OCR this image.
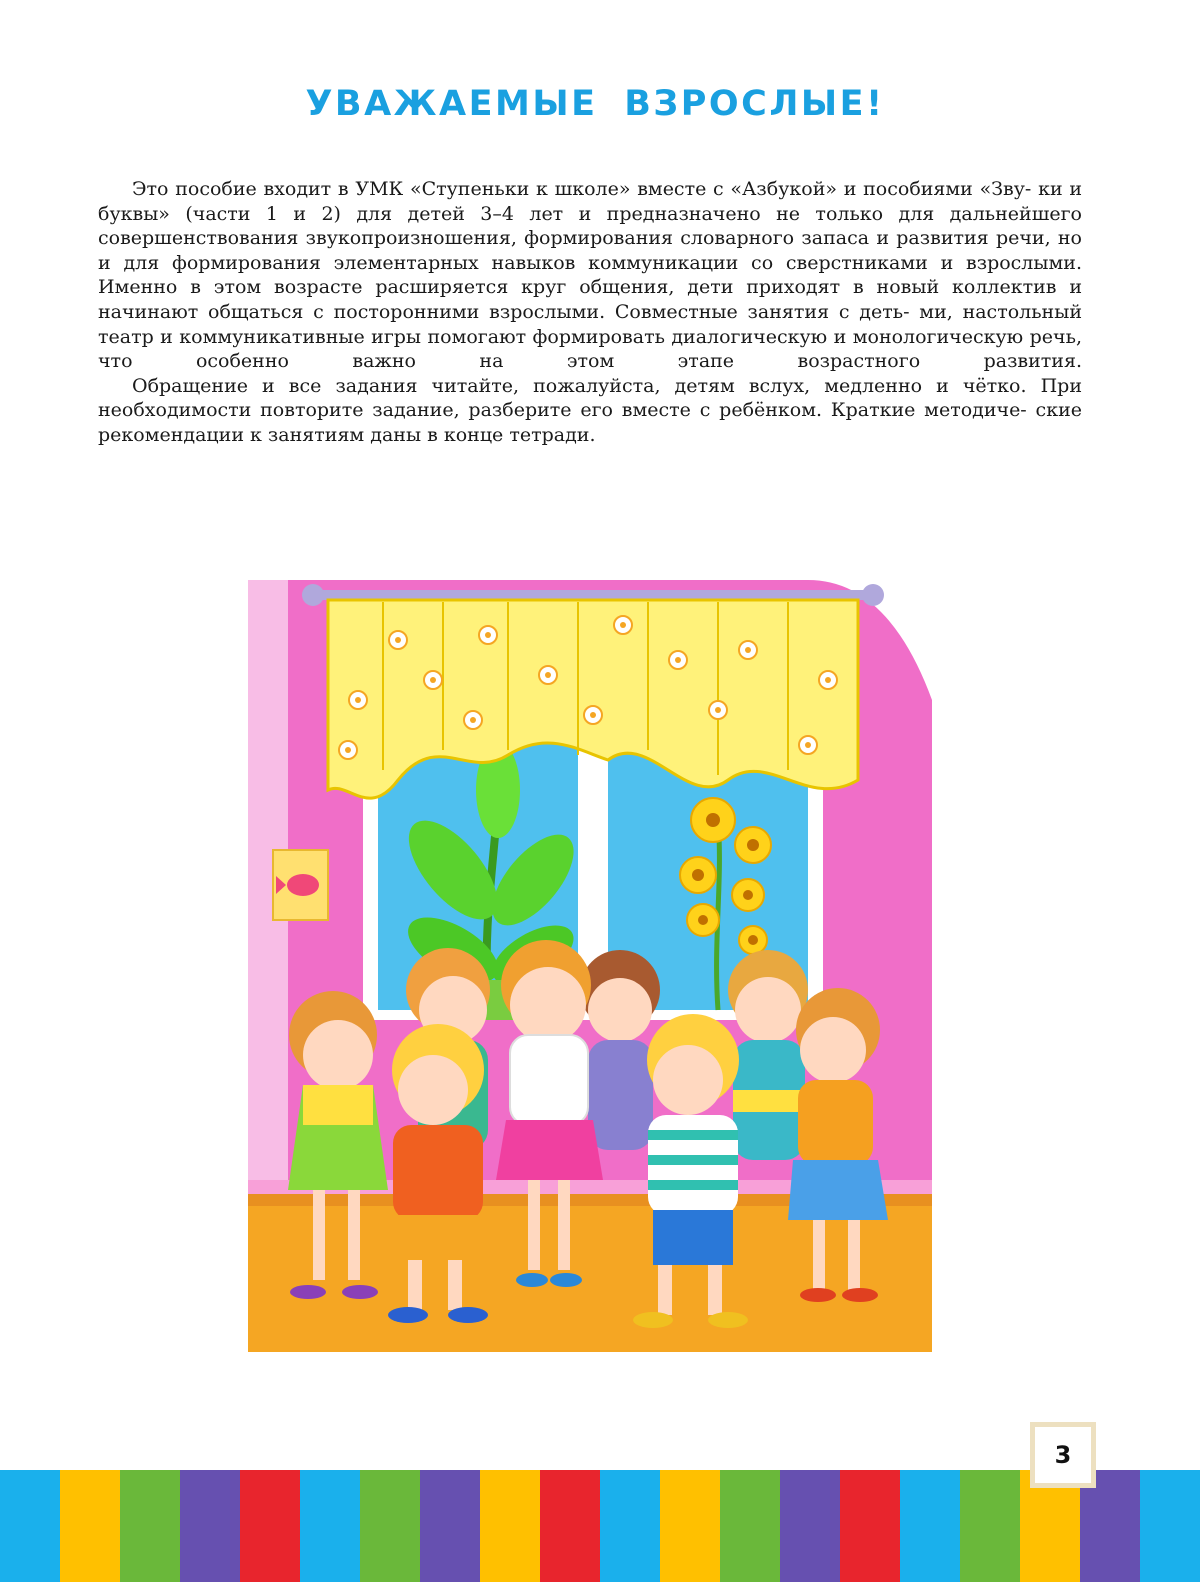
УВАЖАЕМЫЕ ВЗРОСЛЫЕ!

Это пособие входит в УМК «Ступеньки к школе» вместе с «Азбукой» и пособиями «Зву- ки и буквы» (части 1 и 2) для детей 3–4 лет и предназначено не только для дальнейшего совершенствования звукопроизношения, формирования словарного запаса и развития речи, но и для формирования элементарных навыков коммуникации со сверстниками и взрослыми. Именно в этом возрасте расширяется круг общения, дети приходят в новый коллектив и начинают общаться с посторонними взрослыми. Совместные занятия с деть- ми, настольный театр и коммуникативные игры помогают формировать диалогическую и монологическую речь, что особенно важно на этом этапе возрастного развития.

Обращение и все задания читайте, пожалуйста, детям вслух, медленно и чётко. При необходимости повторите задание, разберите его вместе с ребёнком. Краткие методиче- ские рекомендации к занятиям даны в конце тетради.

3
